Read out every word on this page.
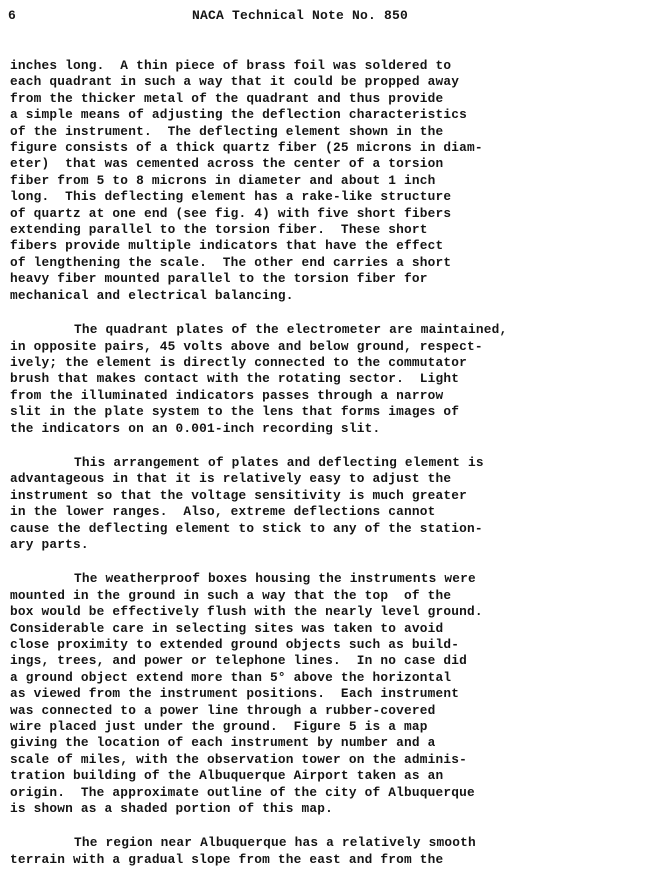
6	NACA Technical Note No. 850
inches long.  A thin piece of brass foil was soldered to
each quadrant in such a way that it could be propped away
from the thicker metal of the quadrant and thus provide
a simple means of adjusting the deflection characteristics
of the instrument.  The deflecting element shown in the
figure consists of a thick quartz fiber (25 microns in diam-
eter)  that was cemented across the center of a torsion
fiber from 5 to 8 microns in diameter and about 1 inch
long.  This deflecting element has a rake-like structure
of quartz at one end (see fig. 4) with five short fibers
extending parallel to the torsion fiber.  These short
fibers provide multiple indicators that have the effect
of lengthening the scale.  The other end carries a short
heavy fiber mounted parallel to the torsion fiber for
mechanical and electrical balancing.
The quadrant plates of the electrometer are maintained,
in opposite pairs, 45 volts above and below ground, respect-
ively; the element is directly connected to the commutator
brush that makes contact with the rotating sector.  Light
from the illuminated indicators passes through a narrow
slit in the plate system to the lens that forms images of
the indicators on an 0.001-inch recording slit.
This arrangement of plates and deflecting element is
advantageous in that it is relatively easy to adjust the
instrument so that the voltage sensitivity is much greater
in the lower ranges.  Also, extreme deflections cannot
cause the deflecting element to stick to any of the station-
ary parts.
The weatherproof boxes housing the instruments were
mounted in the ground in such a way that the top  of the
box would be effectively flush with the nearly level ground.
Considerable care in selecting sites was taken to avoid
close proximity to extended ground objects such as build-
ings, trees, and power or telephone lines.  In no case did
a ground object extend more than 5° above the horizontal
as viewed from the instrument positions.  Each instrument
was connected to a power line through a rubber-covered
wire placed just under the ground.  Figure 5 is a map
giving the location of each instrument by number and a
scale of miles, with the observation tower on the adminis-
tration building of the Albuquerque Airport taken as an
origin.  The approximate outline of the city of Albuquerque
is shown as a shaded portion of this map.
The region near Albuquerque has a relatively smooth
terrain with a gradual slope from the east and from the
